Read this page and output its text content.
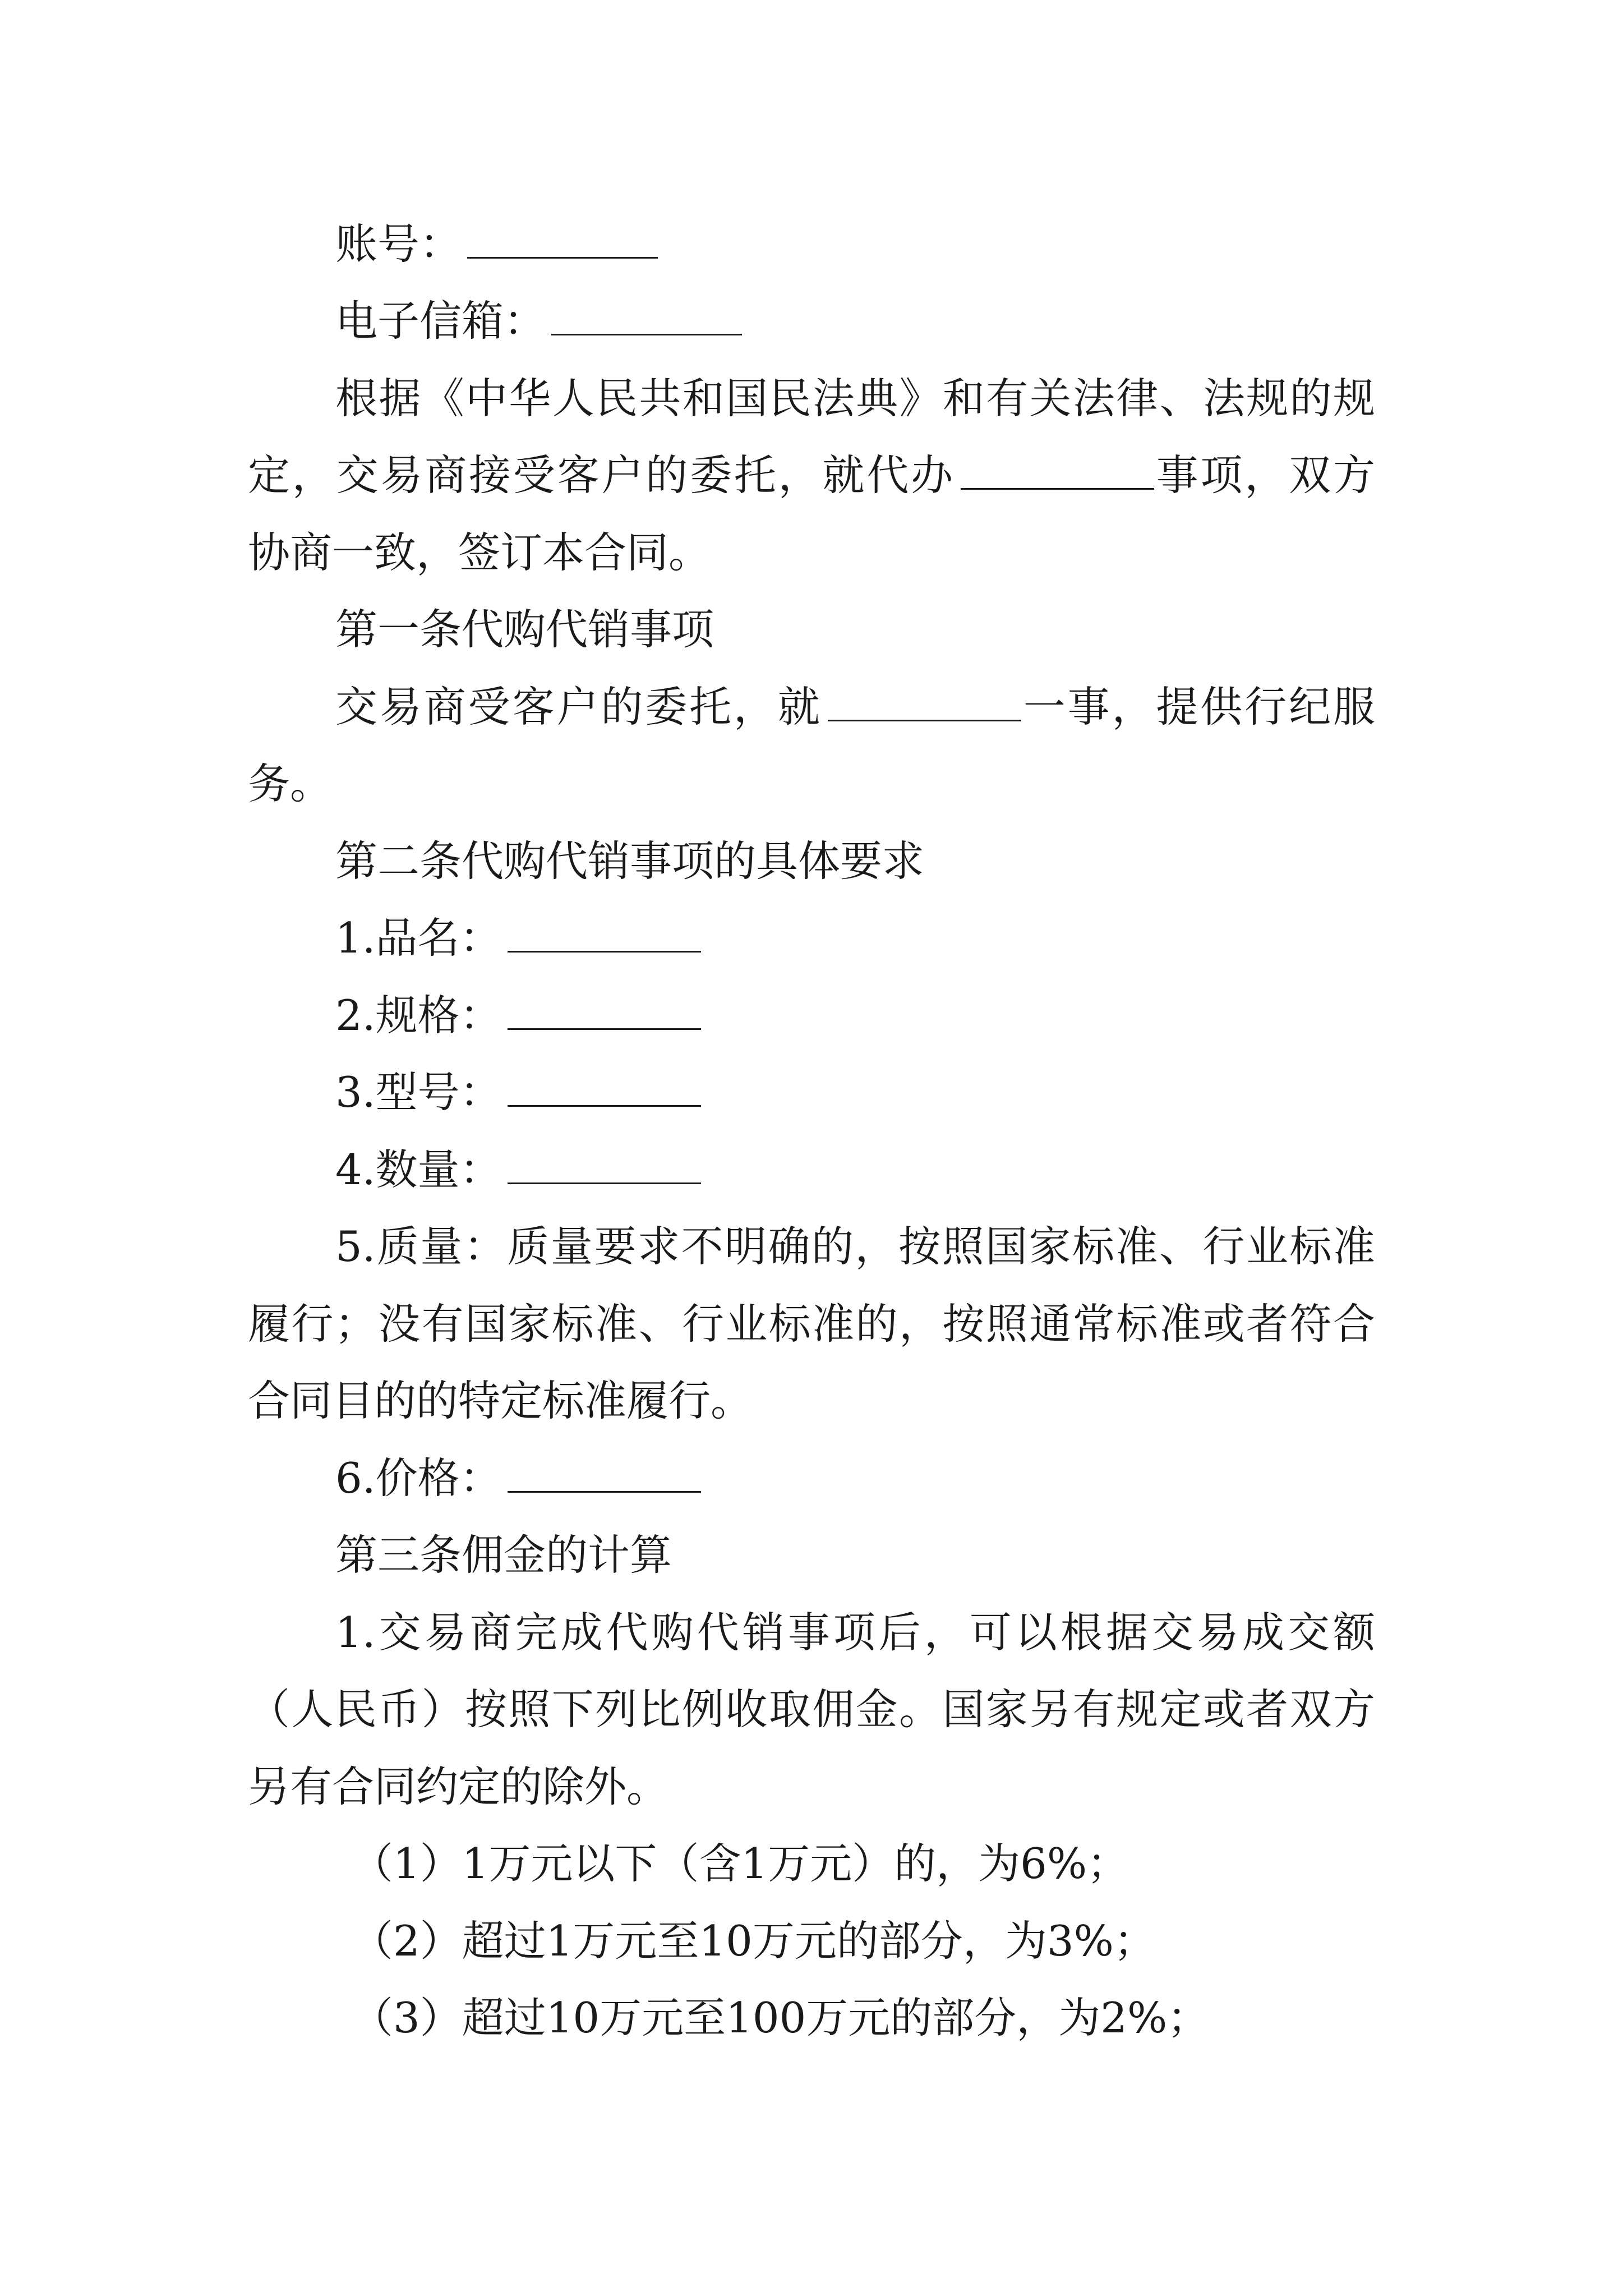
账号：
电子信箱：
根据《中华人民共和国民法典》和有关法律、法规的规
定，交易商接受客户的委托，就代办	事项，双方
协商一致，签订本合同。
第一条代购代销事项
交易商受客户的委托，就	一事，提供行纪服
务。
第二条代购代销事项的具体要求
1.品名：
2.规格：
3.型号：
4.数量：
5.质量：质量要求不明确的，按照国家标准、行业标准
履行；没有国家标准、行业标准的，按照通常标准或者符合
合同目的的特定标准履行。
6.价格：
第三条佣金的计算
1.交易商完成代购代销事项后，可以根据交易成交额
（人民币）按照下列比例收取佣金。国家另有规定或者双方
另有合同约定的除外。
（1）1万元以下（含1万元）的，为6%；
（2）超过1万元至10万元的部分，为3%；
（3）超过10万元至100万元的部分，为2%；
